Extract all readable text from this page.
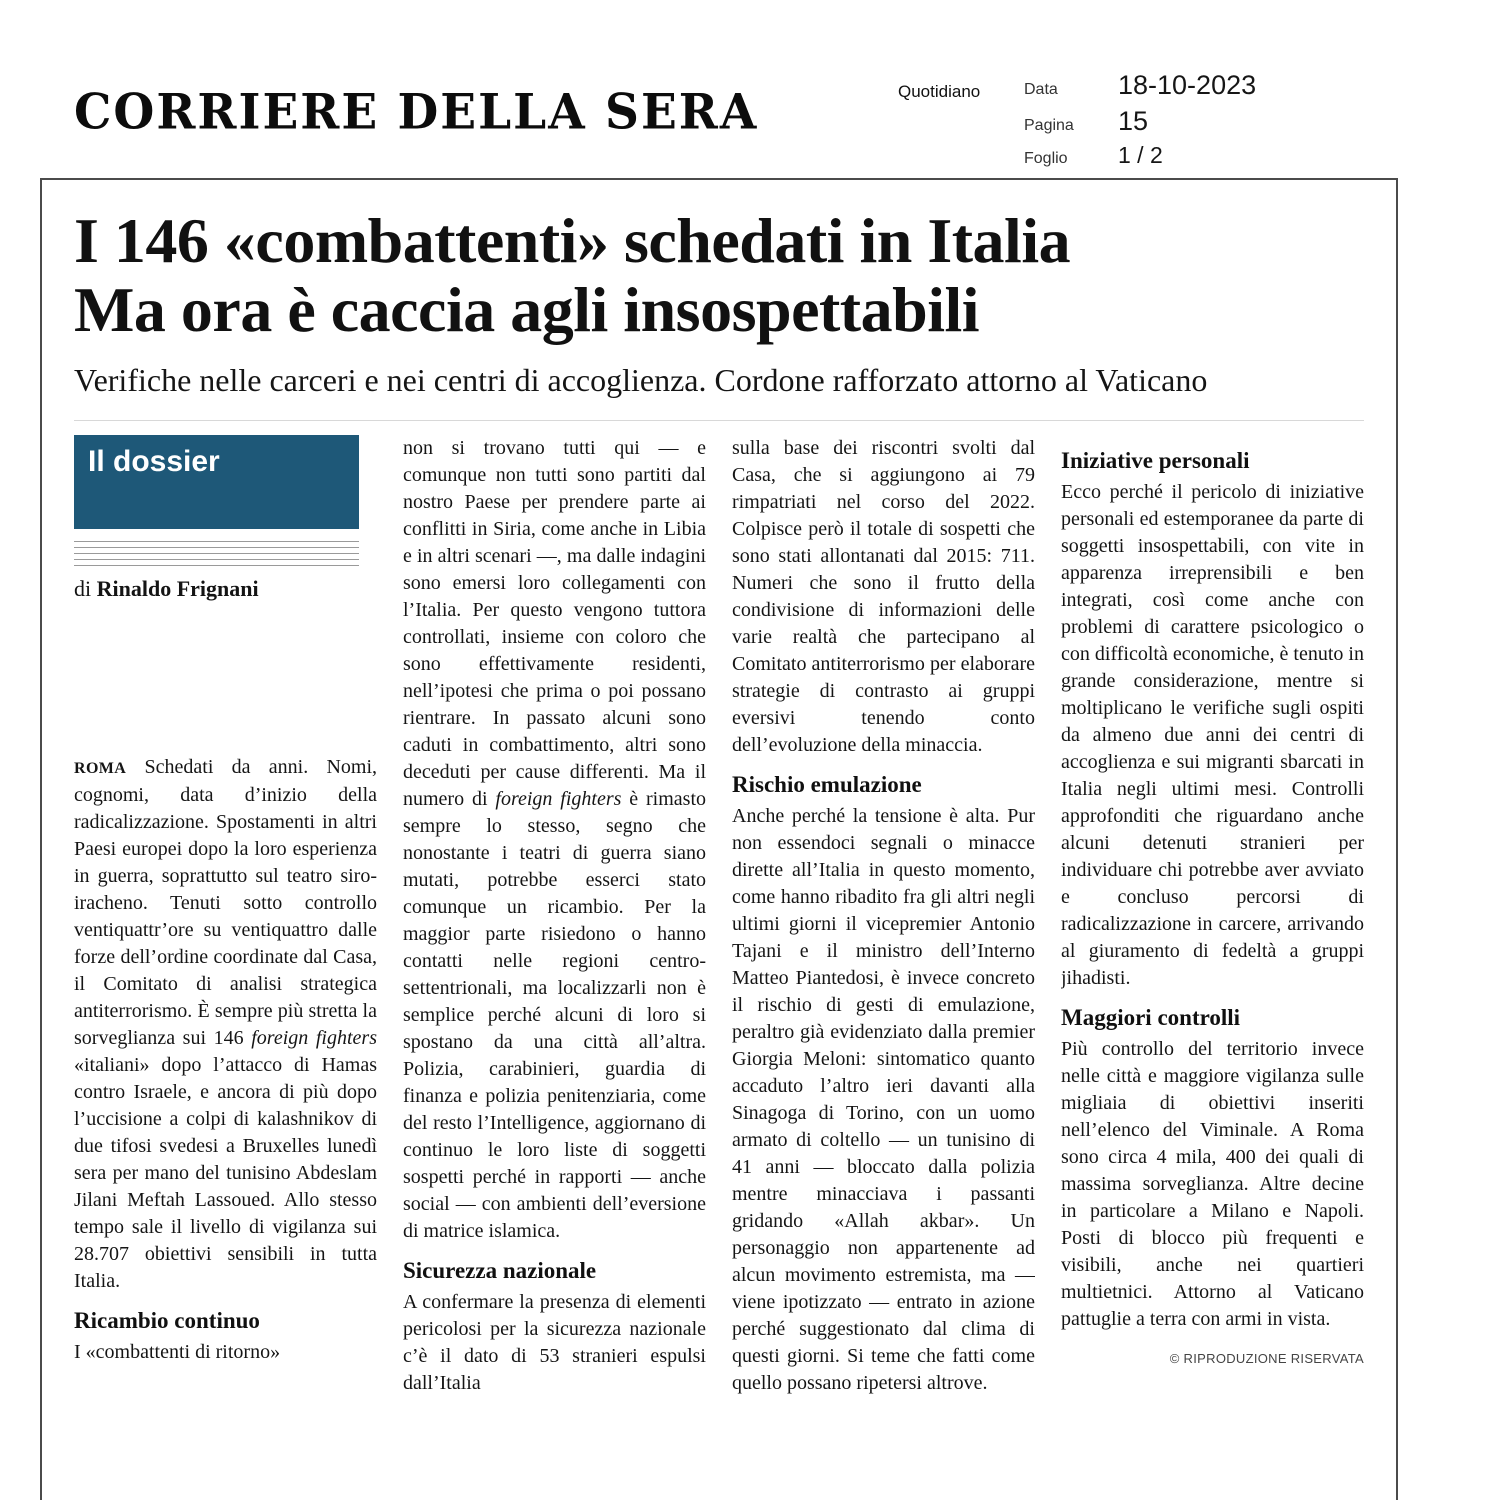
CORRIERE DELLA SERA	Quotidiano	Data	18-10-2023
Pagina	15
Foglio	1 / 2
I 146 «combattenti» schedati in Italia
Ma ora è caccia agli insospettabili
Verifiche nelle carceri e nei centri di accoglienza. Cordone rafforzato attorno al Vaticano
Il dossier
di Rinaldo Frignani

ROMA Schedati da anni. Nomi, cognomi, data d’inizio della radicalizzazione. Spostamenti in altri Paesi europei dopo la loro esperienza in guerra, soprattutto sul teatro siro-iracheno. Tenuti sotto controllo ventiquattr’ore su ventiquattro dalle forze dell’ordine coordinate dal Casa, il Comitato di analisi strategica antiterrorismo. È sempre più stretta la sorveglianza sui 146 foreign fighters «italiani» dopo l’attacco di Hamas contro Israele, e ancora di più dopo l’uccisione a colpi di kalashnikov di due tifosi svedesi a Bruxelles lunedì sera per mano del tunisino Abdeslam Jilani Meftah Lassoued. Allo stesso tempo sale il livello di vigilanza sui 28.707 obiettivi sensibili in tutta Italia.

Ricambio continuo

I «combattenti di ritorno»

non si trovano tutti qui — e comunque non tutti sono partiti dal nostro Paese per prendere parte ai conflitti in Siria, come anche in Libia e in altri scenari —, ma dalle indagini sono emersi loro collegamenti con l’Italia. Per questo vengono tuttora controllati, insieme con coloro che sono effettivamente residenti, nell’ipotesi che prima o poi possano rientrare. In passato alcuni sono caduti in combattimento, altri sono deceduti per cause differenti. Ma il numero di foreign fighters è rimasto sempre lo stesso, segno che nonostante i teatri di guerra siano mutati, potrebbe esserci stato comunque un ricambio. Per la maggior parte risiedono o hanno contatti nelle regioni centro-settentrionali, ma localizzarli non è semplice perché alcuni di loro si spostano da una città all’altra. Polizia, carabinieri, guardia di finanza e polizia penitenziaria, come del resto l’Intelligence, aggiornano di continuo le loro liste di soggetti sospetti perché in rapporti — anche social — con ambienti dell’eversione di matrice islamica.

Sicurezza nazionale

A confermare la presenza di elementi pericolosi per la sicurezza nazionale c’è il dato di 53 stranieri espulsi dall’Italia

sulla base dei riscontri svolti dal Casa, che si aggiungono ai 79 rimpatriati nel corso del 2022. Colpisce però il totale di sospetti che sono stati allontanati dal 2015: 711. Numeri che sono il frutto della condivisione di informazioni delle varie realtà che partecipano al Comitato antiterrorismo per elaborare strategie di contrasto ai gruppi eversivi tenendo conto dell’evoluzione della minaccia.

Rischio emulazione

Anche perché la tensione è alta. Pur non essendoci segnali o minacce dirette all’Italia in questo momento, come hanno ribadito fra gli altri negli ultimi giorni il vicepremier Antonio Tajani e il ministro dell’Interno Matteo Piantedosi, è invece concreto il rischio di gesti di emulazione, peraltro già evidenziato dalla premier Giorgia Meloni: sintomatico quanto accaduto l’altro ieri davanti alla Sinagoga di Torino, con un uomo armato di coltello — un tunisino di 41 anni — bloccato dalla polizia mentre minacciava i passanti gridando «Allah akbar». Un personaggio non appartenente ad alcun movimento estremista, ma — viene ipotizzato — entrato in azione perché suggestionato dal clima di questi giorni. Si teme che fatti come quello possano ripetersi altrove.

Iniziative personali

Ecco perché il pericolo di iniziative personali ed estemporanee da parte di soggetti insospettabili, con vite in apparenza irreprensibili e ben integrati, così come anche con problemi di carattere psicologico o con difficoltà economiche, è tenuto in grande considerazione, mentre si moltiplicano le verifiche sugli ospiti da almeno due anni dei centri di accoglienza e sui migranti sbarcati in Italia negli ultimi mesi. Controlli approfonditi che riguardano anche alcuni detenuti stranieri per individuare chi potrebbe aver avviato e concluso percorsi di radicalizzazione in carcere, arrivando al giuramento di fedeltà a gruppi jihadisti.

Maggiori controlli

Più controllo del territorio invece nelle città e maggiore vigilanza sulle migliaia di obiettivi inseriti nell’elenco del Viminale. A Roma sono circa 4 mila, 400 dei quali di massima sorveglianza. Altre decine in particolare a Milano e Napoli. Posti di blocco più frequenti e visibili, anche nei quartieri multietnici. Attorno al Vaticano pattuglie a terra con armi in vista.

© RIPRODUZIONE RISERVATA
